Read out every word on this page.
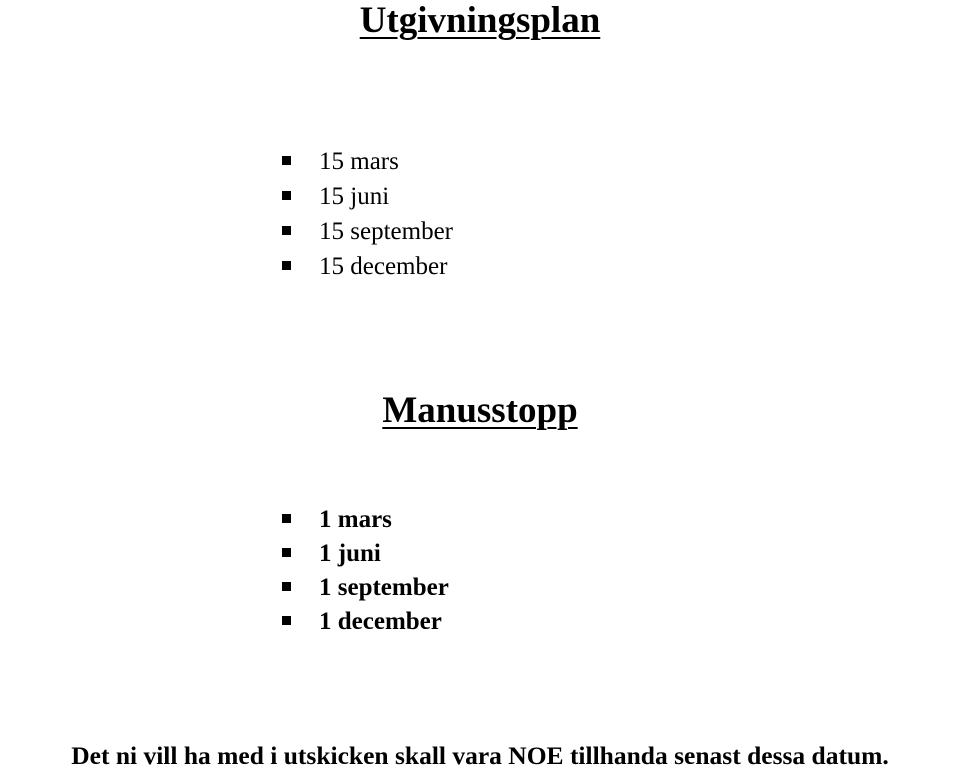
Utgivningsplan
15 mars
15 juni
15 september
15 december
Manusstopp
1 mars
1 juni
1 september
1 december

Det ni vill ha med i utskicken skall vara NOE tillhanda senast dessa datum.
